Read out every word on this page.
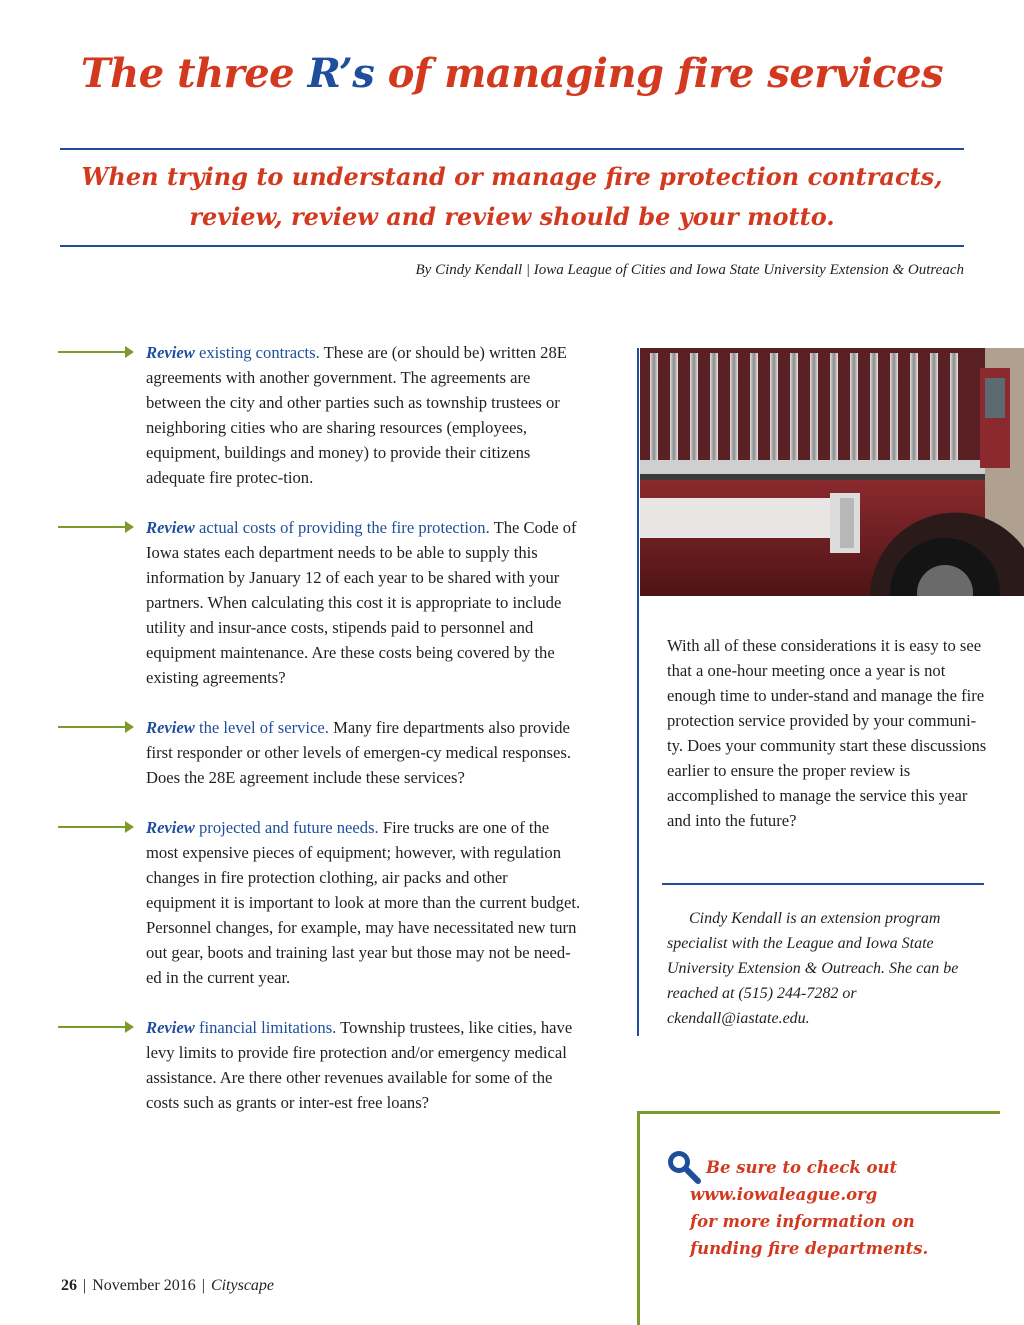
The three R’s of managing fire services
When trying to understand or manage fire protection contracts,
review, review and review should be your motto.
By Cindy Kendall | Iowa League of Cities and Iowa State University Extension & Outreach
Review existing contracts. These are (or should be) written 28E agreements with another government. The agreements are between the city and other parties such as township trustees or neighboring cities who are sharing resources (employees, equipment, buildings and money) to provide their citizens adequate fire protec-tion.
Review actual costs of providing the fire protection. The Code of Iowa states each department needs to be able to supply this information by January 12 of each year to be shared with your partners. When calculating this cost it is appropriate to include utility and insur-ance costs, stipends paid to personnel and equipment maintenance. Are these costs being covered by the existing agreements?
Review the level of service. Many fire departments also provide first responder or other levels of emergen-cy medical responses. Does the 28E agreement include these services?
Review projected and future needs. Fire trucks are one of the most expensive pieces of equipment; however, with regulation changes in fire protection clothing, air packs and other equipment it is important to look at more than the current budget. Personnel changes, for example, may have necessitated new turn out gear, boots and training last year but those may not be need-ed in the current year.
Review financial limitations. Township trustees, like cities, have levy limits to provide fire protection and/or emergency medical assistance. Are there other revenues available for some of the costs such as grants or inter-est free loans?
With all of these considerations it is easy to see that a one-hour meeting once a year is not enough time to under-stand and manage the fire protection service provided by your communi-ty. Does your community start these discussions earlier to ensure the proper review is accomplished to manage the service this year and into the future?
Cindy Kendall is an extension program specialist with the League and Iowa State University Extension & Outreach. She can be reached at (515) 244-7282 or ckendall@iastate.edu.
Be sure to check out
www.iowaleague.org
for more information on
funding fire departments.
26 | November 2016 | Cityscape
